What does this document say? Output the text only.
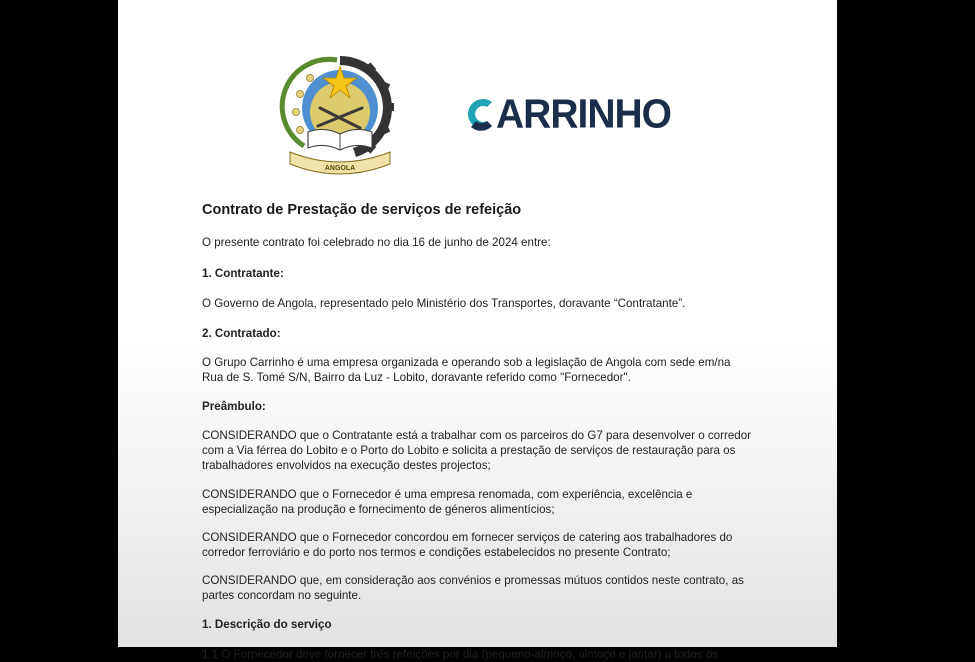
ANGOLA
ARRINHO

Contrato de Prestação de serviços de refeição

O presente contrato foi celebrado no dia 16 de junho de 2024 entre:

1. Contratante:

O Governo de Angola, representado pelo Ministério dos Transportes, doravante “Contratante”.

2. Contratado:

O Grupo Carrinho é uma empresa organizada e operando sob a legislação de Angola com sede em/na Rua de S. Tomé S/N, Bairro da Luz - Lobito, doravante referido como "Fornecedor".

Preâmbulo:

CONSIDERANDO que o Contratante está a trabalhar com os parceiros do G7 para desenvolver o corredor com a Via férrea do Lobito e o Porto do Lobito e solicita a prestação de serviços de restauração para os trabalhadores envolvidos na execução destes projectos;

CONSIDERANDO que o Fornecedor é uma empresa renomada, com experiência, excelência e especialização na produção e fornecimento de géneros alimentícios;

CONSIDERANDO que o Fornecedor concordou em fornecer serviços de catering aos trabalhadores do corredor ferroviário e do porto nos termos e condições estabelecidos no presente Contrato;

CONSIDERANDO que, em consideração aos convénios e promessas mútuos contidos neste contrato, as partes concordam no seguinte.

1. Descrição do serviço

1.1 O Fornecedor deve fornecer três refeições por dia (pequeno-almoço, almoço e jantar) a todos os
